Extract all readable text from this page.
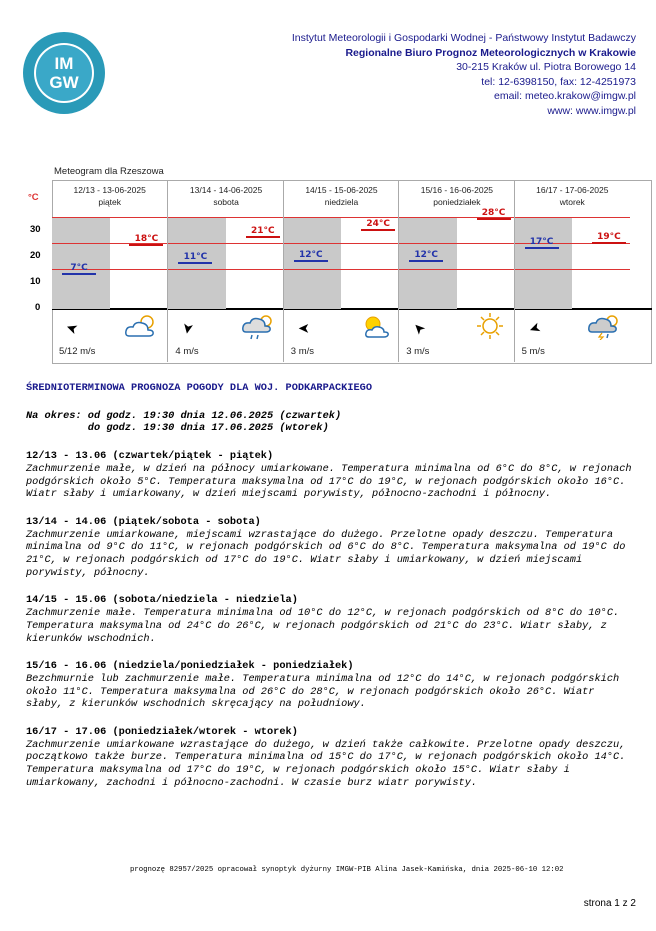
IM
GW
Instytut Meteorologii i Gospodarki Wodnej - Państwowy Instytut Badawczy
Regionalne Biuro Prognoz Meteorologicznych w Krakowie
30-215 Kraków ul. Piotra Borowego 14
tel: 12-6398150, fax: 12-4251973
email: meteo.krakow@imgw.pl
www: www.imgw.pl
Meteogram dla Rzeszowa
°C
30
20
10
0
12/13 - 13-06-2025
piątek
7°C
18°C
➤
5/12 m/s
13/14 - 14-06-2025
sobota
11°C
21°C
➤
4 m/s
14/15 - 15-06-2025
niedziela
12°C
24°C
➤
3 m/s
15/16 - 16-06-2025
poniedziałek
12°C
28°C
➤
3 m/s
16/17 - 17-06-2025
wtorek
17°C
19°C
➤
5 m/s

ŚREDNIOTERMINOWA PROGNOZA POGODY DLA WOJ. PODKARPACKIEGO

Na okres: od godz. 19:30 dnia 12.06.2025 (czwartek)

do godz. 19:30 dnia 17.06.2025 (wtorek)

12/13 - 13.06 (czwartek/piątek - piątek)

Zachmurzenie małe, w dzień na północy umiarkowane. Temperatura minimalna od 6°C do 8°C, w rejonach podgórskich około 5°C. Temperatura maksymalna od 17°C do 19°C, w rejonach podgórskich około 16°C. Wiatr słaby i umiarkowany, w dzień miejscami porywisty, północno-zachodni i północny.

13/14 - 14.06 (piątek/sobota - sobota)

Zachmurzenie umiarkowane, miejscami wzrastające do dużego. Przelotne opady deszczu. Temperatura minimalna od 9°C do 11°C, w rejonach podgórskich od 6°C do 8°C. Temperatura maksymalna od 19°C do 21°C, w rejonach podgórskich od 17°C do 19°C. Wiatr słaby i umiarkowany, w dzień miejscami porywisty, północny.

14/15 - 15.06 (sobota/niedziela - niedziela)

Zachmurzenie małe. Temperatura minimalna od 10°C do 12°C, w rejonach podgórskich od 8°C do 10°C. Temperatura maksymalna od 24°C do 26°C, w rejonach podgórskich od 21°C do 23°C. Wiatr słaby, z kierunków wschodnich.

15/16 - 16.06 (niedziela/poniedziałek - poniedziałek)

Bezchmurnie lub zachmurzenie małe. Temperatura minimalna od 12°C do 14°C, w rejonach podgórskich około 11°C. Temperatura maksymalna od 26°C do 28°C, w rejonach podgórskich około 26°C. Wiatr słaby, z kierunków wschodnich skręcający na południowy.

16/17 - 17.06 (poniedziałek/wtorek - wtorek)

Zachmurzenie umiarkowane wzrastające do dużego, w dzień także całkowite. Przelotne opady deszczu, początkowo także burze. Temperatura minimalna od 15°C do 17°C, w rejonach podgórskich około 14°C. Temperatura maksymalna od 17°C do 19°C, w rejonach podgórskich około 15°C. Wiatr słaby i umiarkowany, zachodni i północno-zachodni. W czasie burz wiatr porywisty.

prognozę 82957/2025 opracował synoptyk dyżurny IMGW-PIB Alina Jasek-Kamińska, dnia 2025-06-10 12:02
strona 1 z 2
